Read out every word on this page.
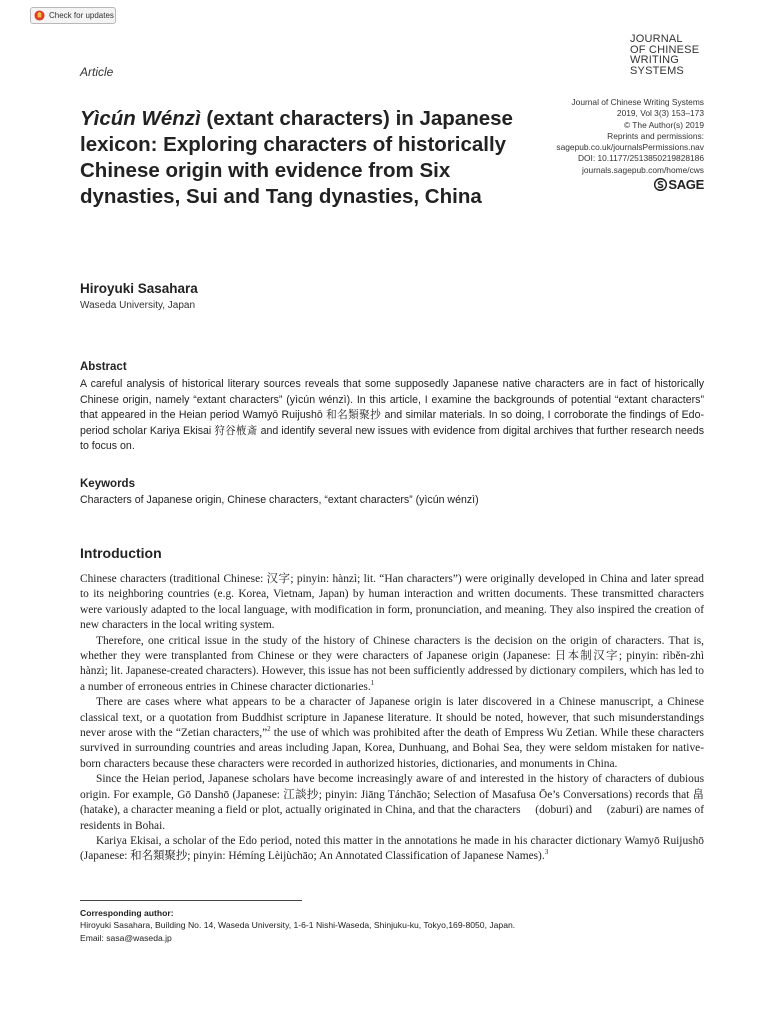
Check for updates
JOURNAL
OF CHINESE
WRITING
SYSTEMS
Article
Journal of Chinese Writing Systems
2019, Vol 3(3) 153–173
© The Author(s) 2019
Reprints and permissions:
sagepub.co.uk/journalsPermissions.nav
DOI: 10.1177/2513850219828186
journals.sagepub.com/home/cws
SAGE
Yìcún Wénzì (extant characters) in Japanese lexicon: Exploring characters of historically Chinese origin with evidence from Six dynasties, Sui and Tang dynasties, China
Hiroyuki Sasahara
Waseda University, Japan
Abstract
A careful analysis of historical literary sources reveals that some supposedly Japanese native characters are in fact of historically Chinese origin, namely “extant characters” (yìcún wénzì). In this article, I examine the backgrounds of potential “extant characters” that appeared in the Heian period Wamyō Ruijushō 和名類聚抄 and similar materials. In so doing, I corroborate the findings of Edo-period scholar Kariya Ekisai 狩谷棭斎 and identify several new issues with evidence from digital archives that further research needs to focus on.
Keywords
Characters of Japanese origin, Chinese characters, “extant characters” (yìcún wénzì)
Introduction

Chinese characters (traditional Chinese: 汉字; pinyin: hànzì; lit. “Han characters”) were originally developed in China and later spread to its neighboring countries (e.g. Korea, Vietnam, Japan) by human interaction and written documents. These transmitted characters were variously adapted to the local language, with modification in form, pronunciation, and meaning. They also inspired the creation of new characters in the local writing system.

Therefore, one critical issue in the study of the history of Chinese characters is the decision on the origin of characters. That is, whether they were transplanted from Chinese or they were characters of Japanese origin (Japanese: 日本制汉字; pinyin: rìběn-zhì hànzì; lit. Japanese-created characters). However, this issue has not been sufficiently addressed by dictionary compilers, which has led to a number of erroneous entries in Chinese character dictionaries.$^1$

There are cases where what appears to be a character of Japanese origin is later discovered in a Chinese manuscript, a Chinese classical text, or a quotation from Buddhist scripture in Japanese literature. It should be noted, however, that such misunderstandings never arose with the “Zetian characters,”$^2$ the use of which was prohibited after the death of Empress Wu Zetian. While these characters survived in surrounding countries and areas including Japan, Korea, Dunhuang, and Bohai Sea, they were seldom mistaken for native-born characters because these characters were recorded in authorized histories, dictionaries, and monuments in China.

Since the Heian period, Japanese scholars have become increasingly aware of and interested in the history of characters of dubious origin. For example, Gō Danshō (Japanese: 江談抄; pinyin: Jiāng Tánchāo; Selection of Masafusa Ōe’s Conversations) records that 畠 (hatake), a character meaning a field or plot, actually originated in China, and that the characters 𢏫 (doburi) and 𢏬 (zaburi) are names of residents in Bohai.

Kariya Ekisai, a scholar of the Edo period, noted this matter in the annotations he made in his character dictionary Wamyō Ruijushō (Japanese: 和名類聚抄; pinyin: Hémíng Lèijùchāo; An Annotated Classification of Japanese Names).$^3$

Corresponding author:
Hiroyuki Sasahara, Building No. 14, Waseda University, 1-6-1 Nishi-Waseda, Shinjuku-ku, Tokyo,169-8050, Japan.
Email: sasa@waseda.jp
